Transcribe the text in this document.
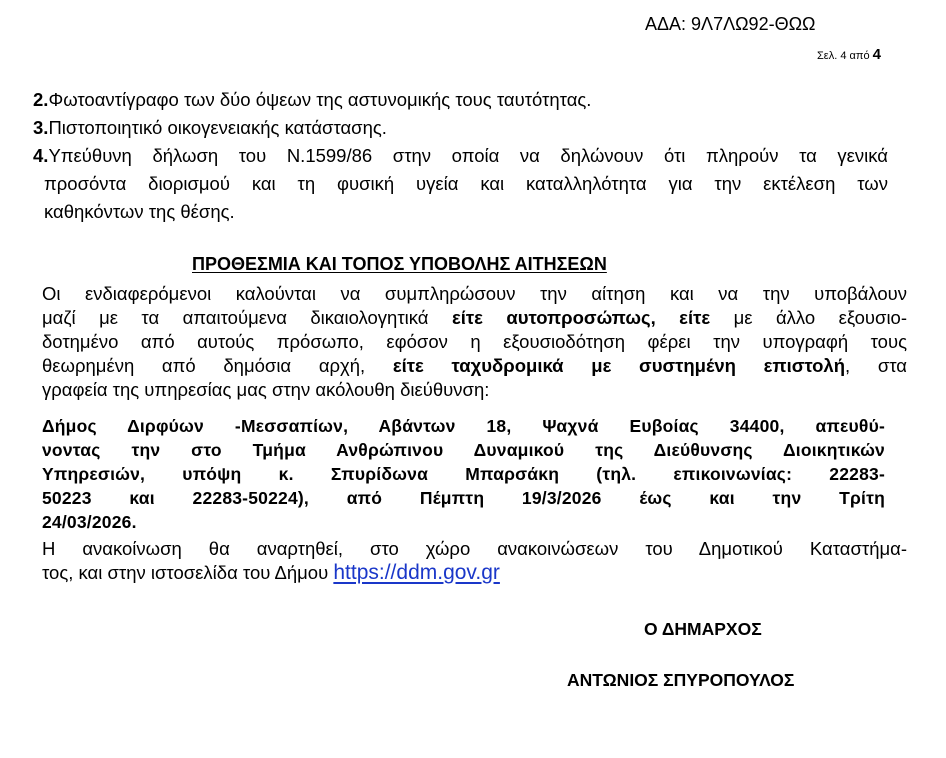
ΑΔΑ: 9Λ7ΛΩ92-ΘΩΩ
Σελ. 4 από 4
2.Φωτοαντίγραφο των δύο όψεων της αστυνομικής τους ταυτότητας.
3.Πιστοποιητικό οικογενειακής κατάστασης.
4.Υπεύθυνη δήλωση του Ν.1599/86 στην οποία να δηλώνουν ότι πληρούν τα γενικά
προσόντα διορισμού και τη φυσική υγεία και καταλληλότητα για την εκτέλεση των
καθηκόντων της θέσης.
ΠΡΟΘΕΣΜΙΑ ΚΑΙ ΤΟΠΟΣ ΥΠΟΒΟΛΗΣ ΑΙΤΗΣΕΩΝ
Οι ενδιαφερόμενοι καλούνται να συμπληρώσουν την αίτηση και να την υποβάλουν
μαζί με τα απαιτούμενα δικαιολογητικά είτε αυτοπροσώπως, είτε με άλλο εξουσιο-
δοτημένο από αυτούς πρόσωπο, εφόσον η εξουσιοδότηση φέρει την υπογραφή τους
θεωρημένη από δημόσια αρχή, είτε ταχυδρομικά με συστημένη επιστολή, στα
γραφεία της υπηρεσίας μας στην ακόλουθη διεύθυνση:
Δήμος Διρφύων -Μεσσαπίων, Αβάντων 18, Ψαχνά Ευβοίας 34400, απευθύ-
νοντας την στο Τμήμα Ανθρώπινου Δυναμικού της Διεύθυνσης Διοικητικών
Υπηρεσιών, υπόψη κ. Σπυρίδωνα Μπαρσάκη (τηλ. επικοινωνίας: 22283-
50223 και 22283-50224), από Πέμπτη 19/3/2026 έως και την Τρίτη
24/03/2026.
Η ανακοίνωση θα αναρτηθεί, στο χώρο ανακοινώσεων του Δημοτικού Καταστήμα-
τος, και στην ιστοσελίδα του Δήμου https://ddm.gov.gr
Ο ΔΗΜΑΡΧΟΣ
ΑΝΤΩΝΙΟΣ ΣΠΥΡΟΠΟΥΛΟΣ
